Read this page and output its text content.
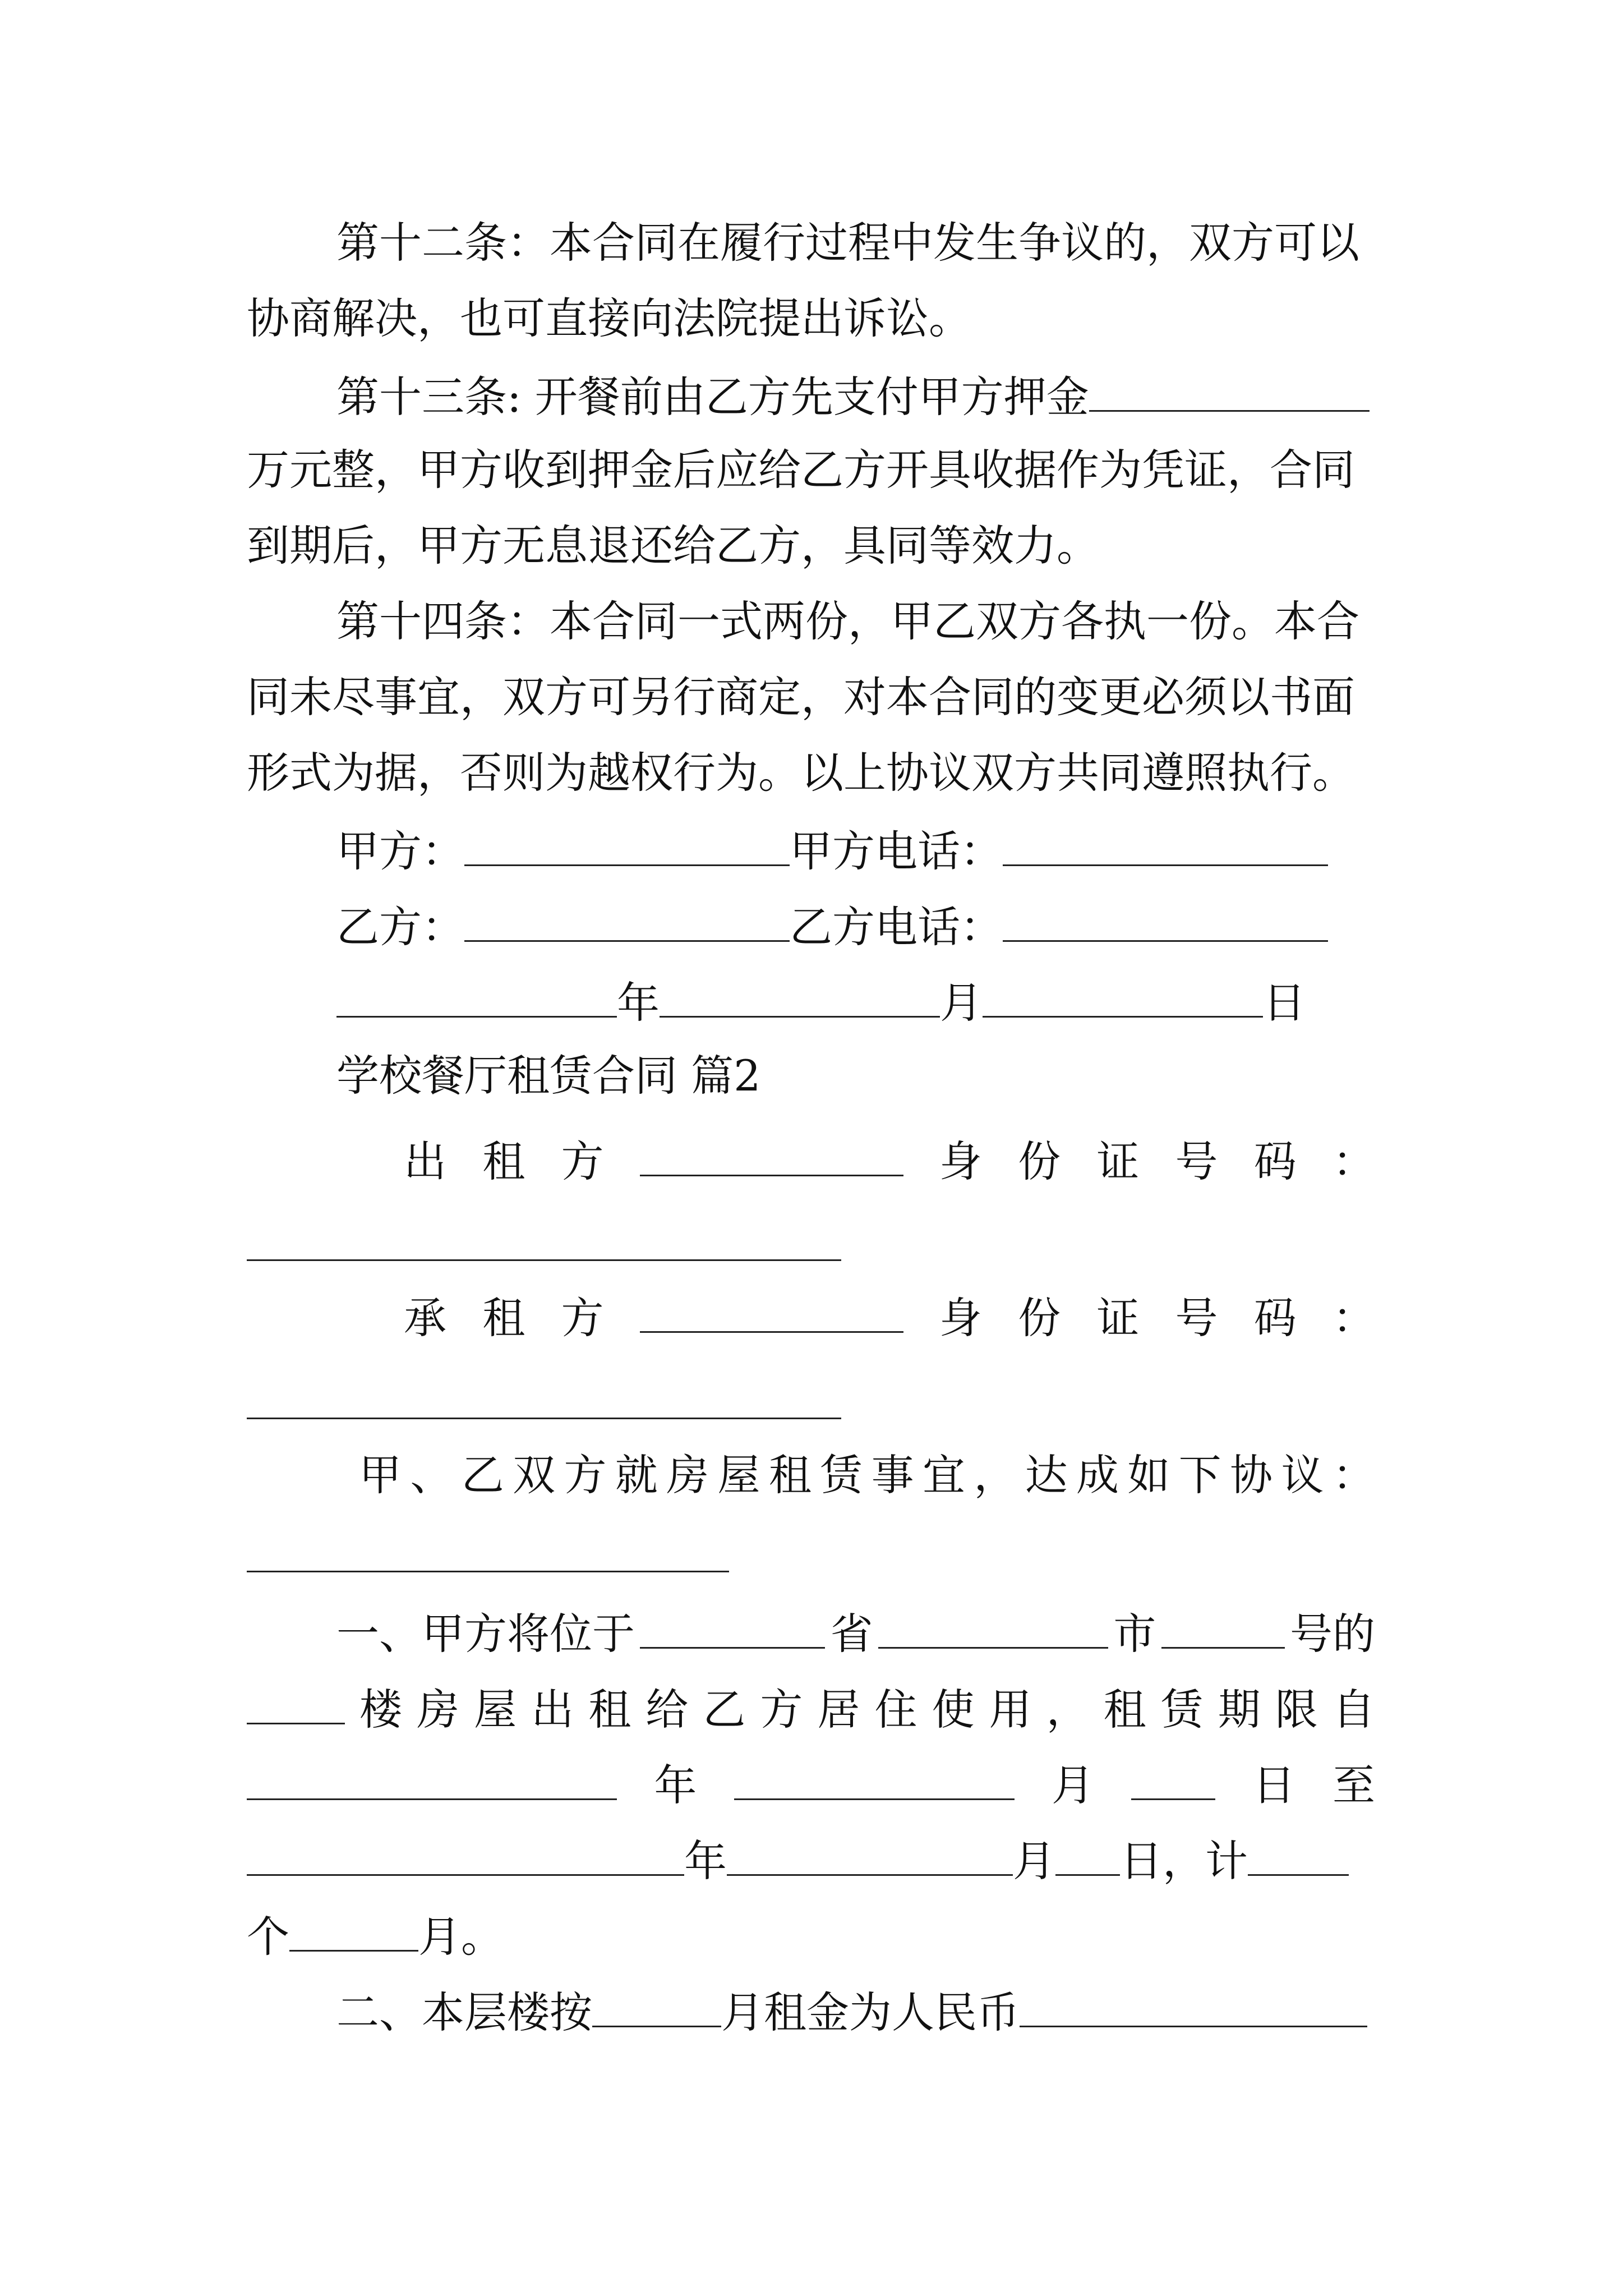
第十二条：本合同在履行过程中发生争议的，双方可以
协商解决，也可直接向法院提出诉讼。
第十三条: 开餐前由乙方先支付甲方押金
万元整，甲方收到押金后应给乙方开具收据作为凭证，合同
到期后，甲方无息退还给乙方，具同等效力。
第十四条：本合同一式两份，甲乙双方各执一份。本合
同未尽事宜，双方可另行商定，对本合同的变更必须以书面
形式为据，否则为越权行为。以上协议双方共同遵照执行。
甲方：	甲方电话：
乙方：	乙方电话：
年	月	日
学校餐厅租赁合同 篇2
出 租 方	身 份 证 号 码 ：
承 租 方	身 份 证 号 码 ：
甲 、 乙 双 方 就 房 屋 租 赁 事 宜 ， 达 成 如 下 协 议 ：
一、甲方将位于	省	市	号的
楼 房 屋 出 租 给 乙 方 居 住 使 用 ， 租 赁 期 限 自
年	月	日 至
年	月 日，计
个	月。
二、本层楼按	月租金为人民币
